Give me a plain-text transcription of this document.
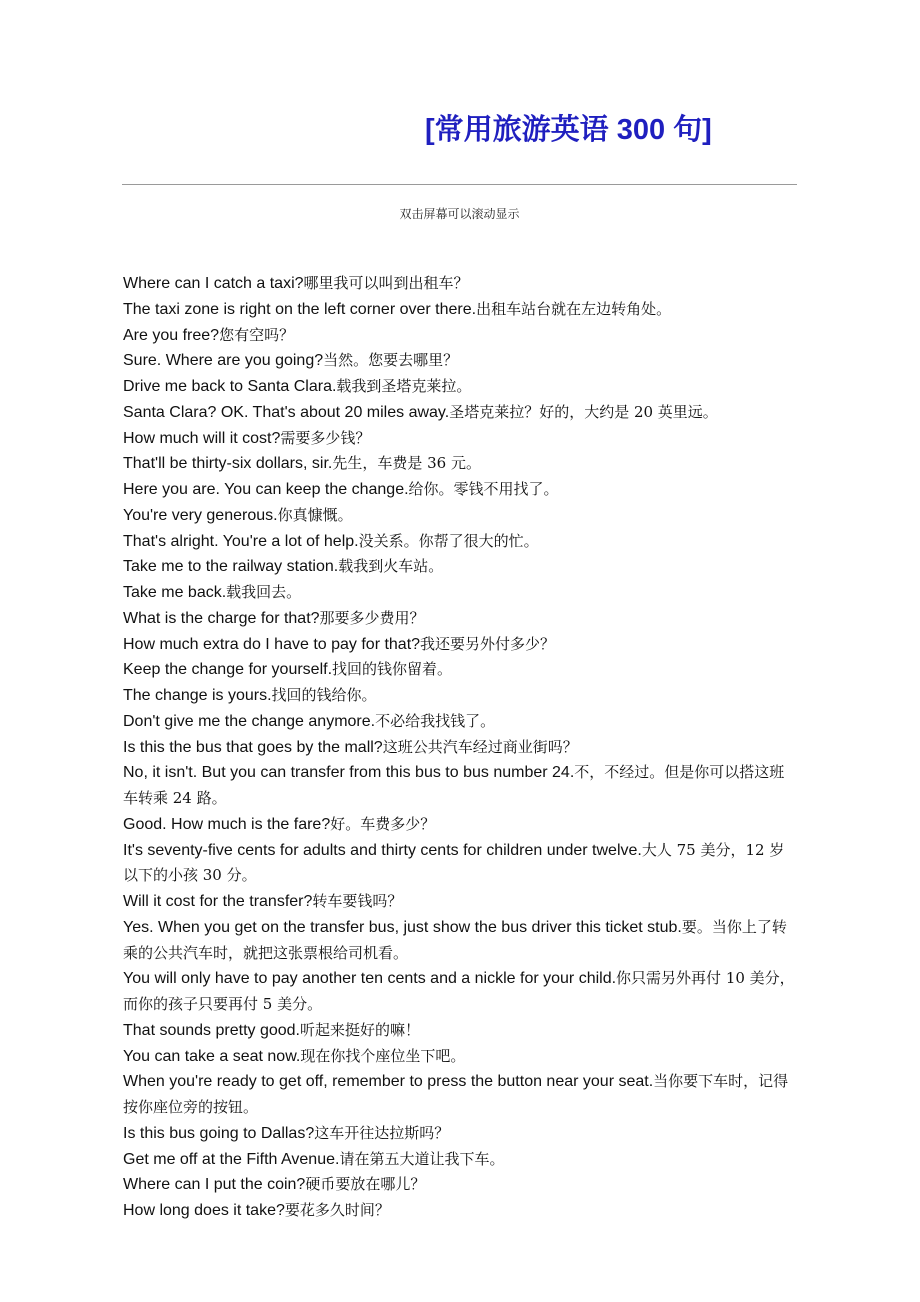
[常用旅游英语 300 句]
双击屏幕可以滚动显示
Where can I catch a taxi?哪里我可以叫到出租车？
The taxi zone is right on the left corner over there.出租车站台就在左边转角处。
Are you free?您有空吗？
Sure. Where are you going?当然。您要去哪里？
Drive me back to Santa Clara.载我到圣塔克莱拉。
Santa Clara? OK. That's about 20 miles away.圣塔克莱拉？好的，大约是 20 英里远。
How much will it cost?需要多少钱？
That'll be thirty-six dollars, sir.先生，车费是 36 元。
Here you are. You can keep the change.给你。零钱不用找了。
You're very generous.你真慷慨。
That's alright. You're a lot of help.没关系。你帮了很大的忙。
Take me to the railway station.载我到火车站。
Take me back.载我回去。
What is the charge for that?那要多少费用？
How much extra do I have to pay for that?我还要另外付多少？
Keep the change for yourself.找回的钱你留着。
The change is yours.找回的钱给你。
Don't give me the change anymore.不必给我找钱了。
Is this the bus that goes by the mall?这班公共汽车经过商业街吗？
No, it isn't. But you can transfer from this bus to bus number 24.不，不经过。但是你可以搭这班车转乘 24 路。
Good. How much is the fare?好。车费多少？
It's seventy-five cents for adults and thirty cents for children under twelve.大人 75 美分，12 岁以下的小孩 30 分。
Will it cost for the transfer?转车要钱吗？
Yes. When you get on the transfer bus, just show the bus driver this ticket stub.要。当你上了转乘的公共汽车时，就把这张票根给司机看。
You will only have to pay another ten cents and a nickle for your child.你只需另外再付 10 美分，而你的孩子只要再付 5 美分。
That sounds pretty good.听起来挺好的嘛！
You can take a seat now.现在你找个座位坐下吧。
When you're ready to get off, remember to press the button near your seat.当你要下车时，记得按你座位旁的按钮。
Is this bus going to Dallas?这车开往达拉斯吗？
Get me off at the Fifth Avenue.请在第五大道让我下车。
Where can I put the coin?硬币要放在哪儿？
How long does it take?要花多久时间？
